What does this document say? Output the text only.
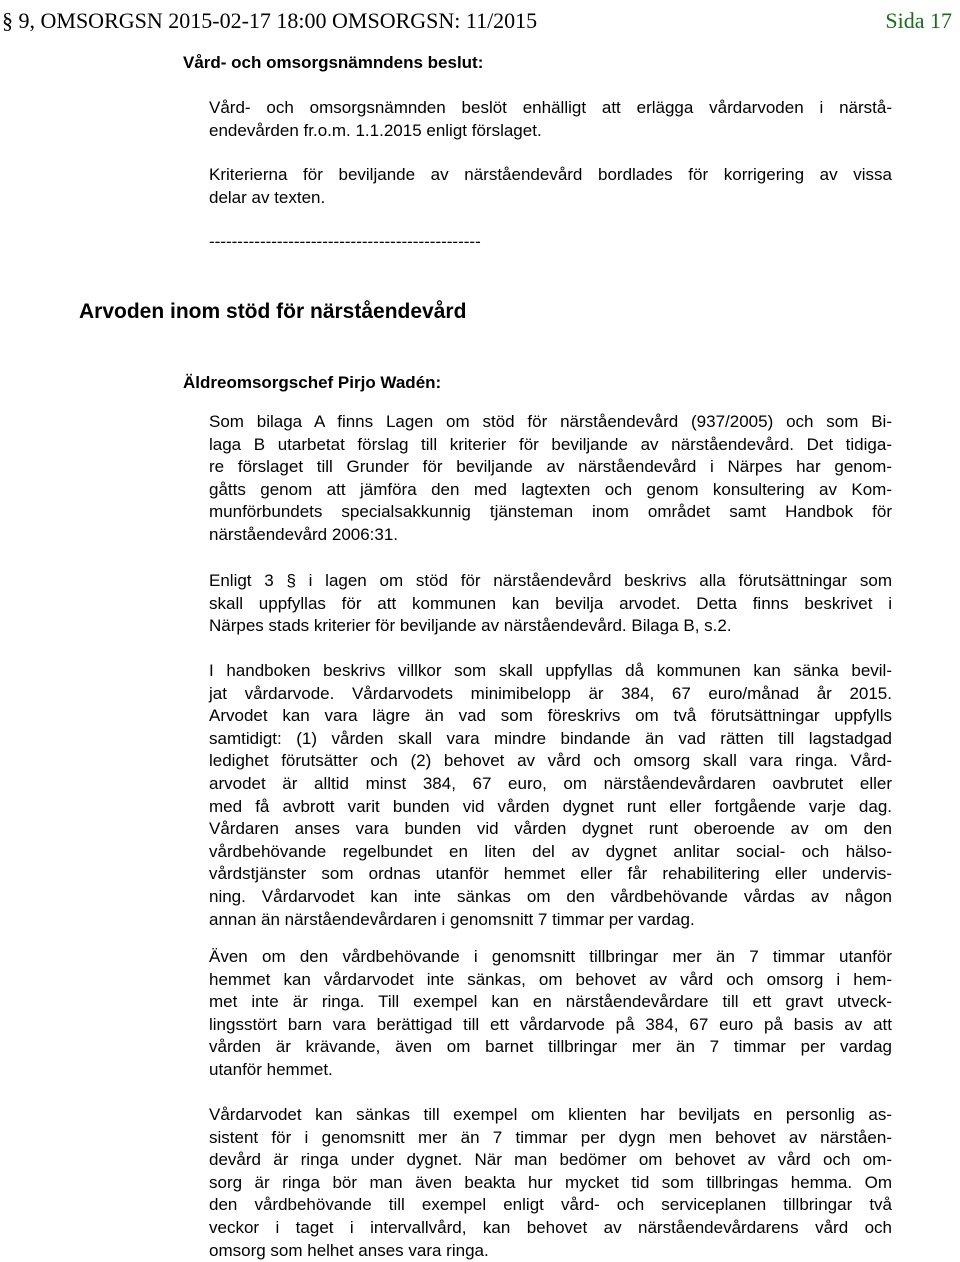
§ 9, OMSORGSN 2015-02-17 18:00 OMSORGSN: 11/2015	Sida 17
Vård- och omsorgsnämndens beslut:
Vård- och omsorgsnämnden beslöt enhälligt att erlägga vårdarvoden i närstå-
endevården fr.o.m. 1.1.2015 enligt förslaget.
Kriterierna för beviljande av närståendevård bordlades för korrigering av vissa
delar av texten.
------------------------------------------------
Arvoden inom stöd för närståendevård
Äldreomsorgschef Pirjo Wadén:
Som bilaga A finns Lagen om stöd för närståendevård (937/2005) och som Bi-
laga B utarbetat förslag till kriterier för beviljande av närståendevård. Det tidiga-
re förslaget till Grunder för beviljande av närståendevård i Närpes har genom-
gåtts genom att jämföra den med lagtexten och genom konsultering av Kom-
munförbundets specialsakkunnig tjänsteman inom området samt Handbok för
närståendevård 2006:31.
Enligt 3 § i lagen om stöd för närståendevård beskrivs alla förutsättningar som
skall uppfyllas för att kommunen kan bevilja arvodet. Detta finns beskrivet i
Närpes stads kriterier för beviljande av närståendevård. Bilaga B, s.2.
I handboken beskrivs villkor som skall uppfyllas då kommunen kan sänka bevil-
jat vårdarvode. Vårdarvodets minimibelopp är 384, 67 euro/månad år 2015.
Arvodet kan vara lägre än vad som föreskrivs om två förutsättningar uppfylls
samtidigt: (1) vården skall vara mindre bindande än vad rätten till lagstadgad
ledighet förutsätter och (2) behovet av vård och omsorg skall vara ringa. Vård-
arvodet är alltid minst 384, 67 euro, om närståendevårdaren oavbrutet eller
med få avbrott varit bunden vid vården dygnet runt eller fortgående varje dag.
Vårdaren anses vara bunden vid vården dygnet runt oberoende av om den
vårdbehövande regelbundet en liten del av dygnet anlitar social- och hälso-
vårdstjänster som ordnas utanför hemmet eller får rehabilitering eller undervis-
ning. Vårdarvodet kan inte sänkas om den vårdbehövande vårdas av någon
annan än närståendevårdaren i genomsnitt 7 timmar per vardag.
Även om den vårdbehövande i genomsnitt tillbringar mer än 7 timmar utanför
hemmet kan vårdarvodet inte sänkas, om behovet av vård och omsorg i hem-
met inte är ringa. Till exempel kan en närståendevårdare till ett gravt utveck-
lingsstört barn vara berättigad till ett vårdarvode på 384, 67 euro på basis av att
vården är krävande, även om barnet tillbringar mer än 7 timmar per vardag
utanför hemmet.
Vårdarvodet kan sänkas till exempel om klienten har beviljats en personlig as-
sistent för i genomsnitt mer än 7 timmar per dygn men behovet av närståen-
devård är ringa under dygnet. När man bedömer om behovet av vård och om-
sorg är ringa bör man även beakta hur mycket tid som tillbringas hemma. Om
den vårdbehövande till exempel enligt vård- och serviceplanen tillbringar två
veckor i taget i intervallvård, kan behovet av närståendevårdarens vård och
omsorg som helhet anses vara ringa.
